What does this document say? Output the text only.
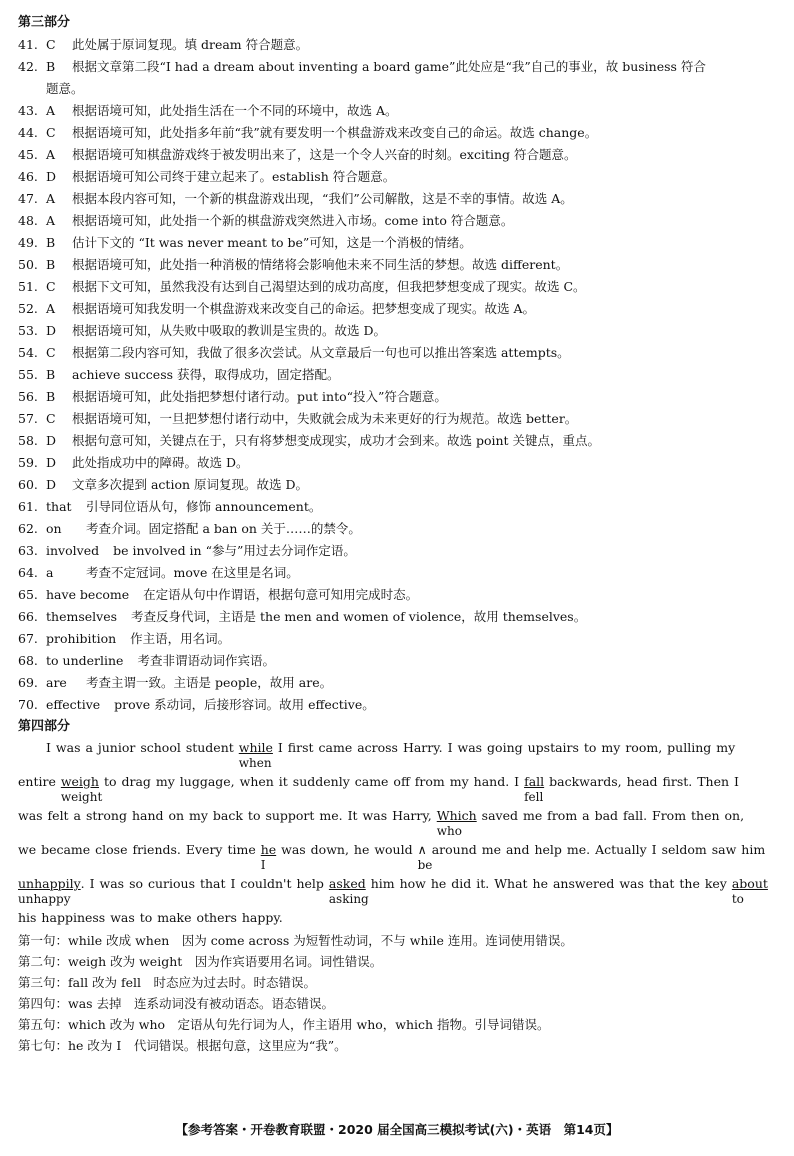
第三部分
41. C	此处属于原词复现。填 dream 符合题意。
42. B	根据文章第二段“I had a dream about inventing a board game”此处应是“我”自己的事业，故 business 符合
题意。
43. A	根据语境可知，此处指生活在一个不同的环境中，故选 A。
44. C	根据语境可知，此处指多年前“我”就有要发明一个棋盘游戏来改变自己的命运。故选 change。
45. A	根据语境可知棋盘游戏终于被发明出来了，这是一个令人兴奋的时刻。exciting 符合题意。
46. D	根据语境可知公司终于建立起来了。establish 符合题意。
47. A	根据本段内容可知，一个新的棋盘游戏出现，“我们”公司解散，这是不幸的事情。故选 A。
48. A	根据语境可知，此处指一个新的棋盘游戏突然进入市场。come into 符合题意。
49. B	估计下文的 “It was never meant to be”可知，这是一个消极的情绪。
50. B	根据语境可知，此处指一种消极的情绪将会影响他未来不同生活的梦想。故选 different。
51. C	根据下文可知，虽然我没有达到自己渴望达到的成功高度，但我把梦想变成了现实。故选 C。
52. A	根据语境可知我发明一个棋盘游戏来改变自己的命运。把梦想变成了现实。故选 A。
53. D	根据语境可知，从失败中吸取的教训是宝贵的。故选 D。
54. C	根据第二段内容可知，我做了很多次尝试。从文章最后一句也可以推出答案选 attempts。
55. B	achieve success 获得，取得成功，固定搭配。
56. B	根据语境可知，此处指把梦想付诸行动。put into“投入”符合题意。
57. C	根据语境可知，一旦把梦想付诸行动中，失败就会成为未来更好的行为规范。故选 better。
58. D	根据句意可知，关键点在于，只有将梦想变成现实，成功才会到来。故选 point 关键点，重点。
59. D	此处指成功中的障碍。故选 D。
60. D	文章多次提到 action 原词复现。故选 D。
61. that	引导同位语从句，修饰 announcement。
62. on	考查介词。固定搭配 a ban on 关于……的禁令。
63. involved	be involved in “参与”用过去分词作定语。
64. a	考查不定冠词。move 在这里是名词。
65. have become	在定语从句中作谓语，根据句意可知用完成时态。
66. themselves	考查反身代词，主语是 the men and women of violence，故用 themselves。
67. prohibition	作主语，用名词。
68. to underline	考查非谓语动词作宾语。
69. are	考查主谓一致。主语是 people，故用 are。
70. effective	prove 系动词，后接形容词。故用 effective。
第四部分
I was a junior school student while
when
I first came across Harry. I was going upstairs to my room, pulling my
entire weigh
weight
to drag my luggage, when it suddenly came off from my hand. I fall
fell
backwards, head first. Then I
was felt a strong hand on my back to support me. It was Harry, Which
who
saved me from a bad fall. From then on,
we became close friends. Every time $\frac{he}{I}$ was down, he would ∧
be
around me and help me. Actually I seldom saw him
unhappily
unhappy
. I was so curious that I couldn't help asked
asking
him how he did it. What he answered was that the key about
to
his happiness was to make others happy.
第一句：while 改成 when　因为 come across 为短暂性动词，不与 while 连用。连词使用错误。
第二句：weigh 改为 weight　因为作宾语要用名词。词性错误。
第三句：fall 改为 fell　时态应为过去时。时态错误。
第四句：was 去掉　连系动词没有被动语态。语态错误。
第五句：which 改为 who　定语从句先行词为人，作主语用 who，which 指物。引导词错误。
第七句：he 改为 I　代词错误。根据句意，这里应为“我”。
【参考答案・开卷教育联盟・2020 届全国高三模拟考试(六)・英语　第14页】
